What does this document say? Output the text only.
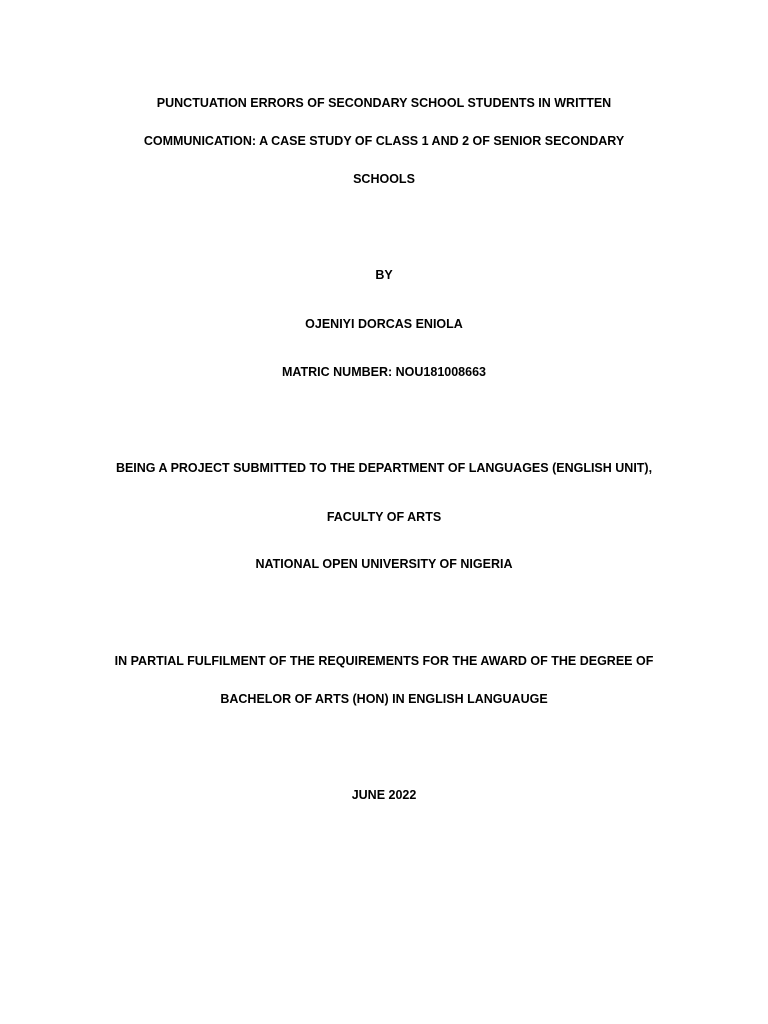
PUNCTUATION ERRORS OF SECONDARY SCHOOL STUDENTS IN WRITTEN
COMMUNICATION: A CASE STUDY OF CLASS 1 AND 2 OF SENIOR SECONDARY
SCHOOLS
BY
OJENIYI DORCAS ENIOLA
MATRIC NUMBER: NOU181008663
BEING A PROJECT SUBMITTED TO THE DEPARTMENT OF LANGUAGES (ENGLISH UNIT),
FACULTY OF ARTS
NATIONAL OPEN UNIVERSITY OF NIGERIA
IN PARTIAL FULFILMENT OF THE REQUIREMENTS FOR THE AWARD OF THE DEGREE OF
BACHELOR OF ARTS (HON) IN ENGLISH LANGUAUGE
JUNE 2022
